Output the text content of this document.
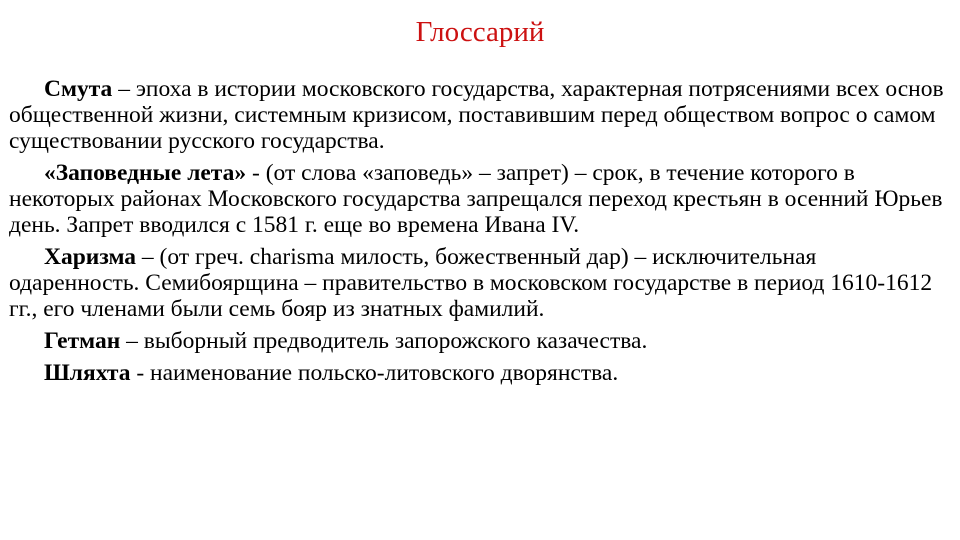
Глоссарий

Смута – эпоха в истории московского государства, характерная потрясениями всех основ общественной жизни, системным кризисом, поставившим перед обществом вопрос о самом существовании русского государства.

«Заповедные лета» - (от слова «заповедь» – запрет) – срок, в течение которого в некоторых районах Московского государства запрещался переход крестьян в осенний Юрьев день. Запрет вводился с 1581 г. еще во времена Ивана IV.

Харизма – (от греч. charisma милость, божественный дар) – исключительная одаренность. Семибоярщина – правительство в московском государстве в период 1610-1612 гг., его членами были семь бояр из знатных фамилий.

Гетман – выборный предводитель запорожского казачества.

Шляхта - наименование польско-литовского дворянства.
